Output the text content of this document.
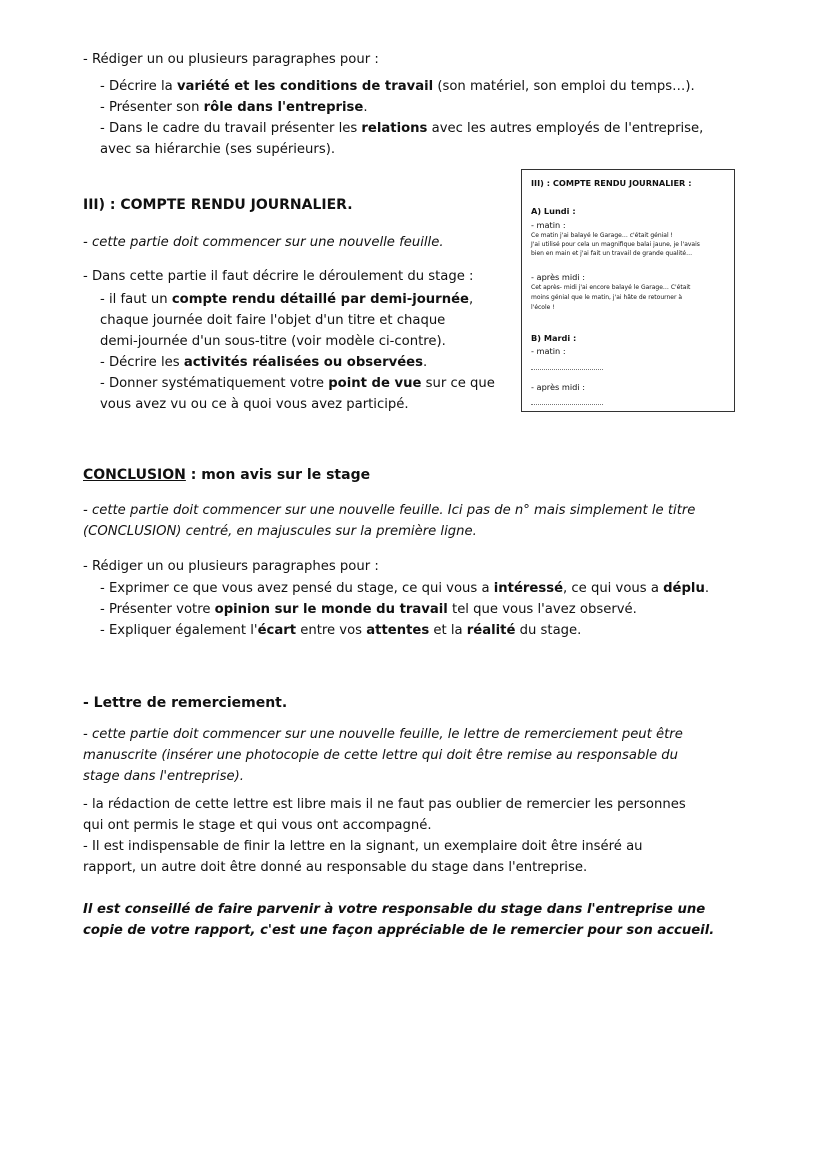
- Rédiger un ou plusieurs paragraphes pour :
- Décrire la variété et les conditions de travail (son matériel, son emploi du temps…).
- Présenter son rôle dans l'entreprise.
- Dans le cadre du travail présenter les relations avec les autres employés de l'entreprise,
avec sa hiérarchie (ses supérieurs).
III) : COMPTE RENDU JOURNALIER.
- cette partie doit commencer sur une nouvelle feuille.
- Dans cette partie il faut décrire le déroulement du stage :
- il faut un compte rendu détaillé par demi-journée,
chaque journée doit faire l'objet d'un titre et chaque
demi-journée d'un sous-titre (voir modèle ci-contre).
- Décrire les activités réalisées ou observées.
- Donner systématiquement votre point de vue sur ce que
vous avez vu ou ce à quoi vous avez participé.
III) : COMPTE RENDU JOURNALIER :
A) Lundi :
- matin :
Ce matin j'ai balayé le Garage… c'était génial !
J'ai utilisé pour cela un magnifique balai jaune, je l'avais
bien en main et j'ai fait un travail de grande qualité…
- après midi :
Cet après- midi j'ai encore balayé le Garage… C'était
moins génial que le matin, j'ai hâte de retourner à
l'école !
B) Mardi :
- matin :
- après midi :
CONCLUSION : mon avis sur le stage
- cette partie doit commencer sur une nouvelle feuille. Ici pas de n° mais simplement le titre
(CONCLUSION) centré, en majuscules sur la première ligne.
- Rédiger un ou plusieurs paragraphes pour :
- Exprimer ce que vous avez pensé du stage, ce qui vous a intéressé, ce qui vous a déplu.
- Présenter votre opinion sur le monde du travail tel que vous l'avez observé.
- Expliquer également l'écart entre vos attentes et la réalité du stage.
- Lettre de remerciement.
- cette partie doit commencer sur une nouvelle feuille, le lettre de remerciement peut être
manuscrite (insérer une photocopie de cette lettre qui doit être remise au responsable du
stage dans l'entreprise).
- la rédaction de cette lettre est libre mais il ne faut pas oublier de remercier les personnes
qui ont permis le stage et qui vous ont accompagné.
- Il est indispensable de finir la lettre en la signant, un exemplaire doit être inséré au
rapport, un autre doit être donné au responsable du stage dans l'entreprise.
Il est conseillé de faire parvenir à votre responsable du stage dans l'entreprise une
copie de votre rapport, c'est une façon appréciable de le remercier pour son accueil.
